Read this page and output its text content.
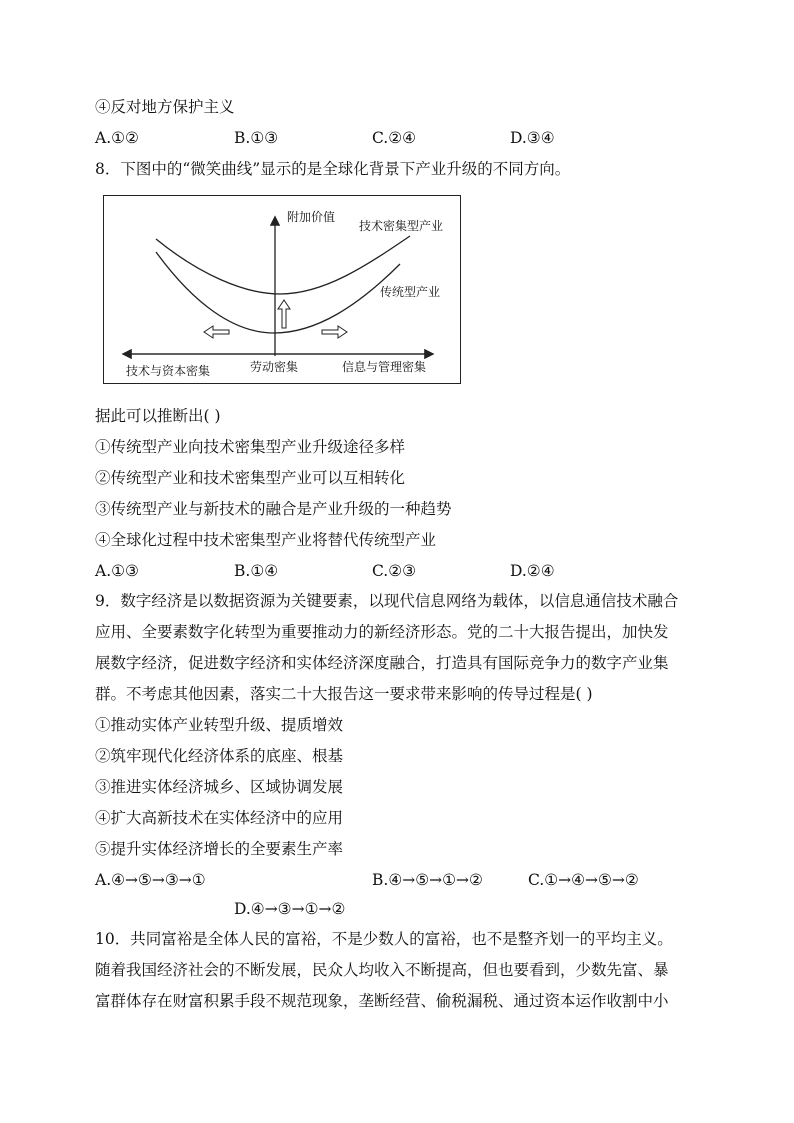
④反对地方保护主义
A.①②	B.①③	C.②④	D.③④
8．下图中的“微笑曲线”显示的是全球化背景下产业升级的不同方向。
附加价值
技术密集型产业
传统型产业
技术与资本密集	劳动密集	信息与管理密集
据此可以推断出( )
①传统型产业向技术密集型产业升级途径多样
②传统型产业和技术密集型产业可以互相转化
③传统型产业与新技术的融合是产业升级的一种趋势
④全球化过程中技术密集型产业将替代传统型产业
A.①③	B.①④	C.②③	D.②④
9．数字经济是以数据资源为关键要素，以现代信息网络为载体，以信息通信技术融合
应用、全要素数字化转型为重要推动力的新经济形态。党的二十大报告提出，加快发
展数字经济，促进数字经济和实体经济深度融合，打造具有国际竞争力的数字产业集
群。不考虑其他因素，落实二十大报告这一要求带来影响的传导过程是( )
①推动实体产业转型升级、提质增效
②筑牢现代化经济体系的底座、根基
③推进实体经济城乡、区域协调发展
④扩大高新技术在实体经济中的应用
⑤提升实体经济增长的全要素生产率
A.④→⑤→③→①	B.④→⑤→①→②	C.①→④→⑤→②
D.④→③→①→②
10．共同富裕是全体人民的富裕，不是少数人的富裕，也不是整齐划一的平均主义。
随着我国经济社会的不断发展，民众人均收入不断提高，但也要看到，少数先富、暴
富群体存在财富积累手段不规范现象，垄断经营、偷税漏税、通过资本运作收割中小
